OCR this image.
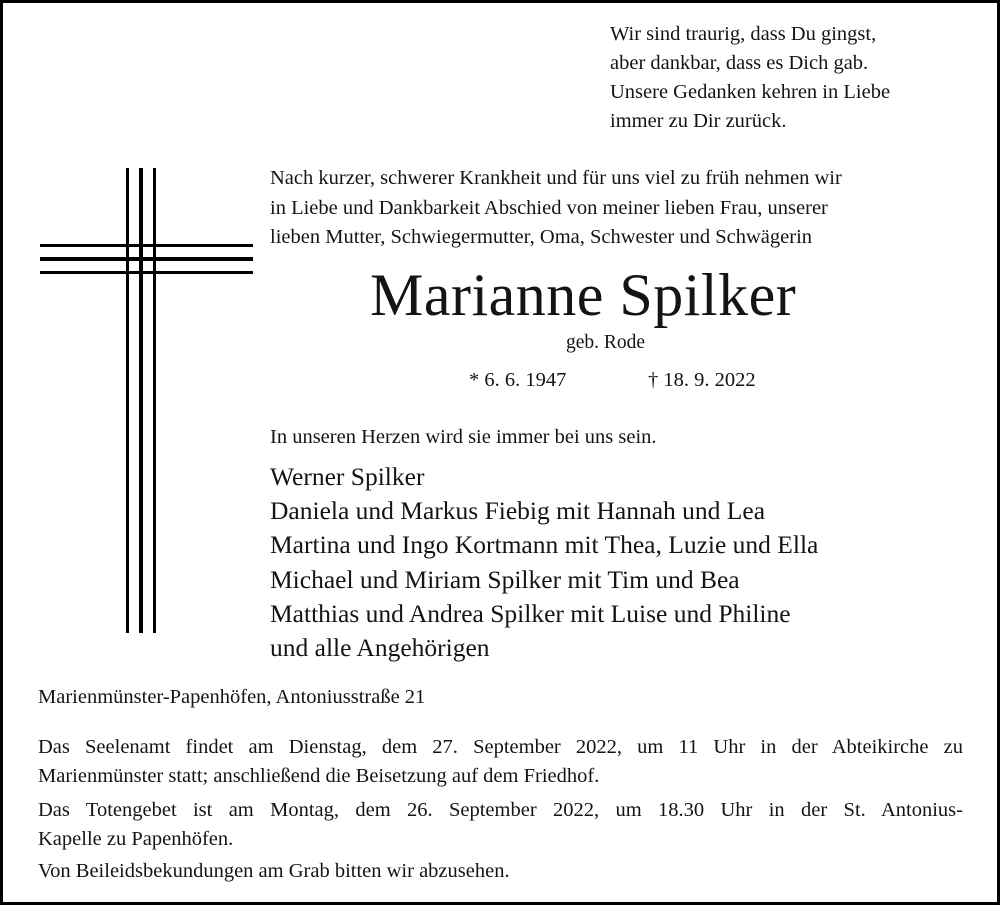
Wir sind traurig, dass Du gingst,
aber dankbar, dass es Dich gab.
Unsere Gedanken kehren in Liebe
immer zu Dir zurück.
Nach kurzer, schwerer Krankheit und für uns viel zu früh nehmen wir
in Liebe und Dankbarkeit Abschied von meiner lieben Frau, unserer
lieben Mutter, Schwiegermutter, Oma, Schwester und Schwägerin
Marianne Spilker
geb. Rode
* 6. 6. 1947	† 18. 9. 2022
In unseren Herzen wird sie immer bei uns sein.
Werner Spilker
Daniela und Markus Fiebig mit Hannah und Lea
Martina und Ingo Kortmann mit Thea, Luzie und Ella
Michael und Miriam Spilker mit Tim und Bea
Matthias und Andrea Spilker mit Luise und Philine
und alle Angehörigen
Marienmünster-Papenhöfen, Antoniusstraße 21
Das Seelenamt findet am Dienstag, dem 27. September 2022, um 11 Uhr in der Abteikirche zu
Marienmünster statt; anschließend die Beisetzung auf dem Friedhof.
Das Totengebet ist am Montag, dem 26. September 2022, um 18.30 Uhr in der St. Antonius-
Kapelle zu Papenhöfen.
Von Beileidsbekundungen am Grab bitten wir abzusehen.
